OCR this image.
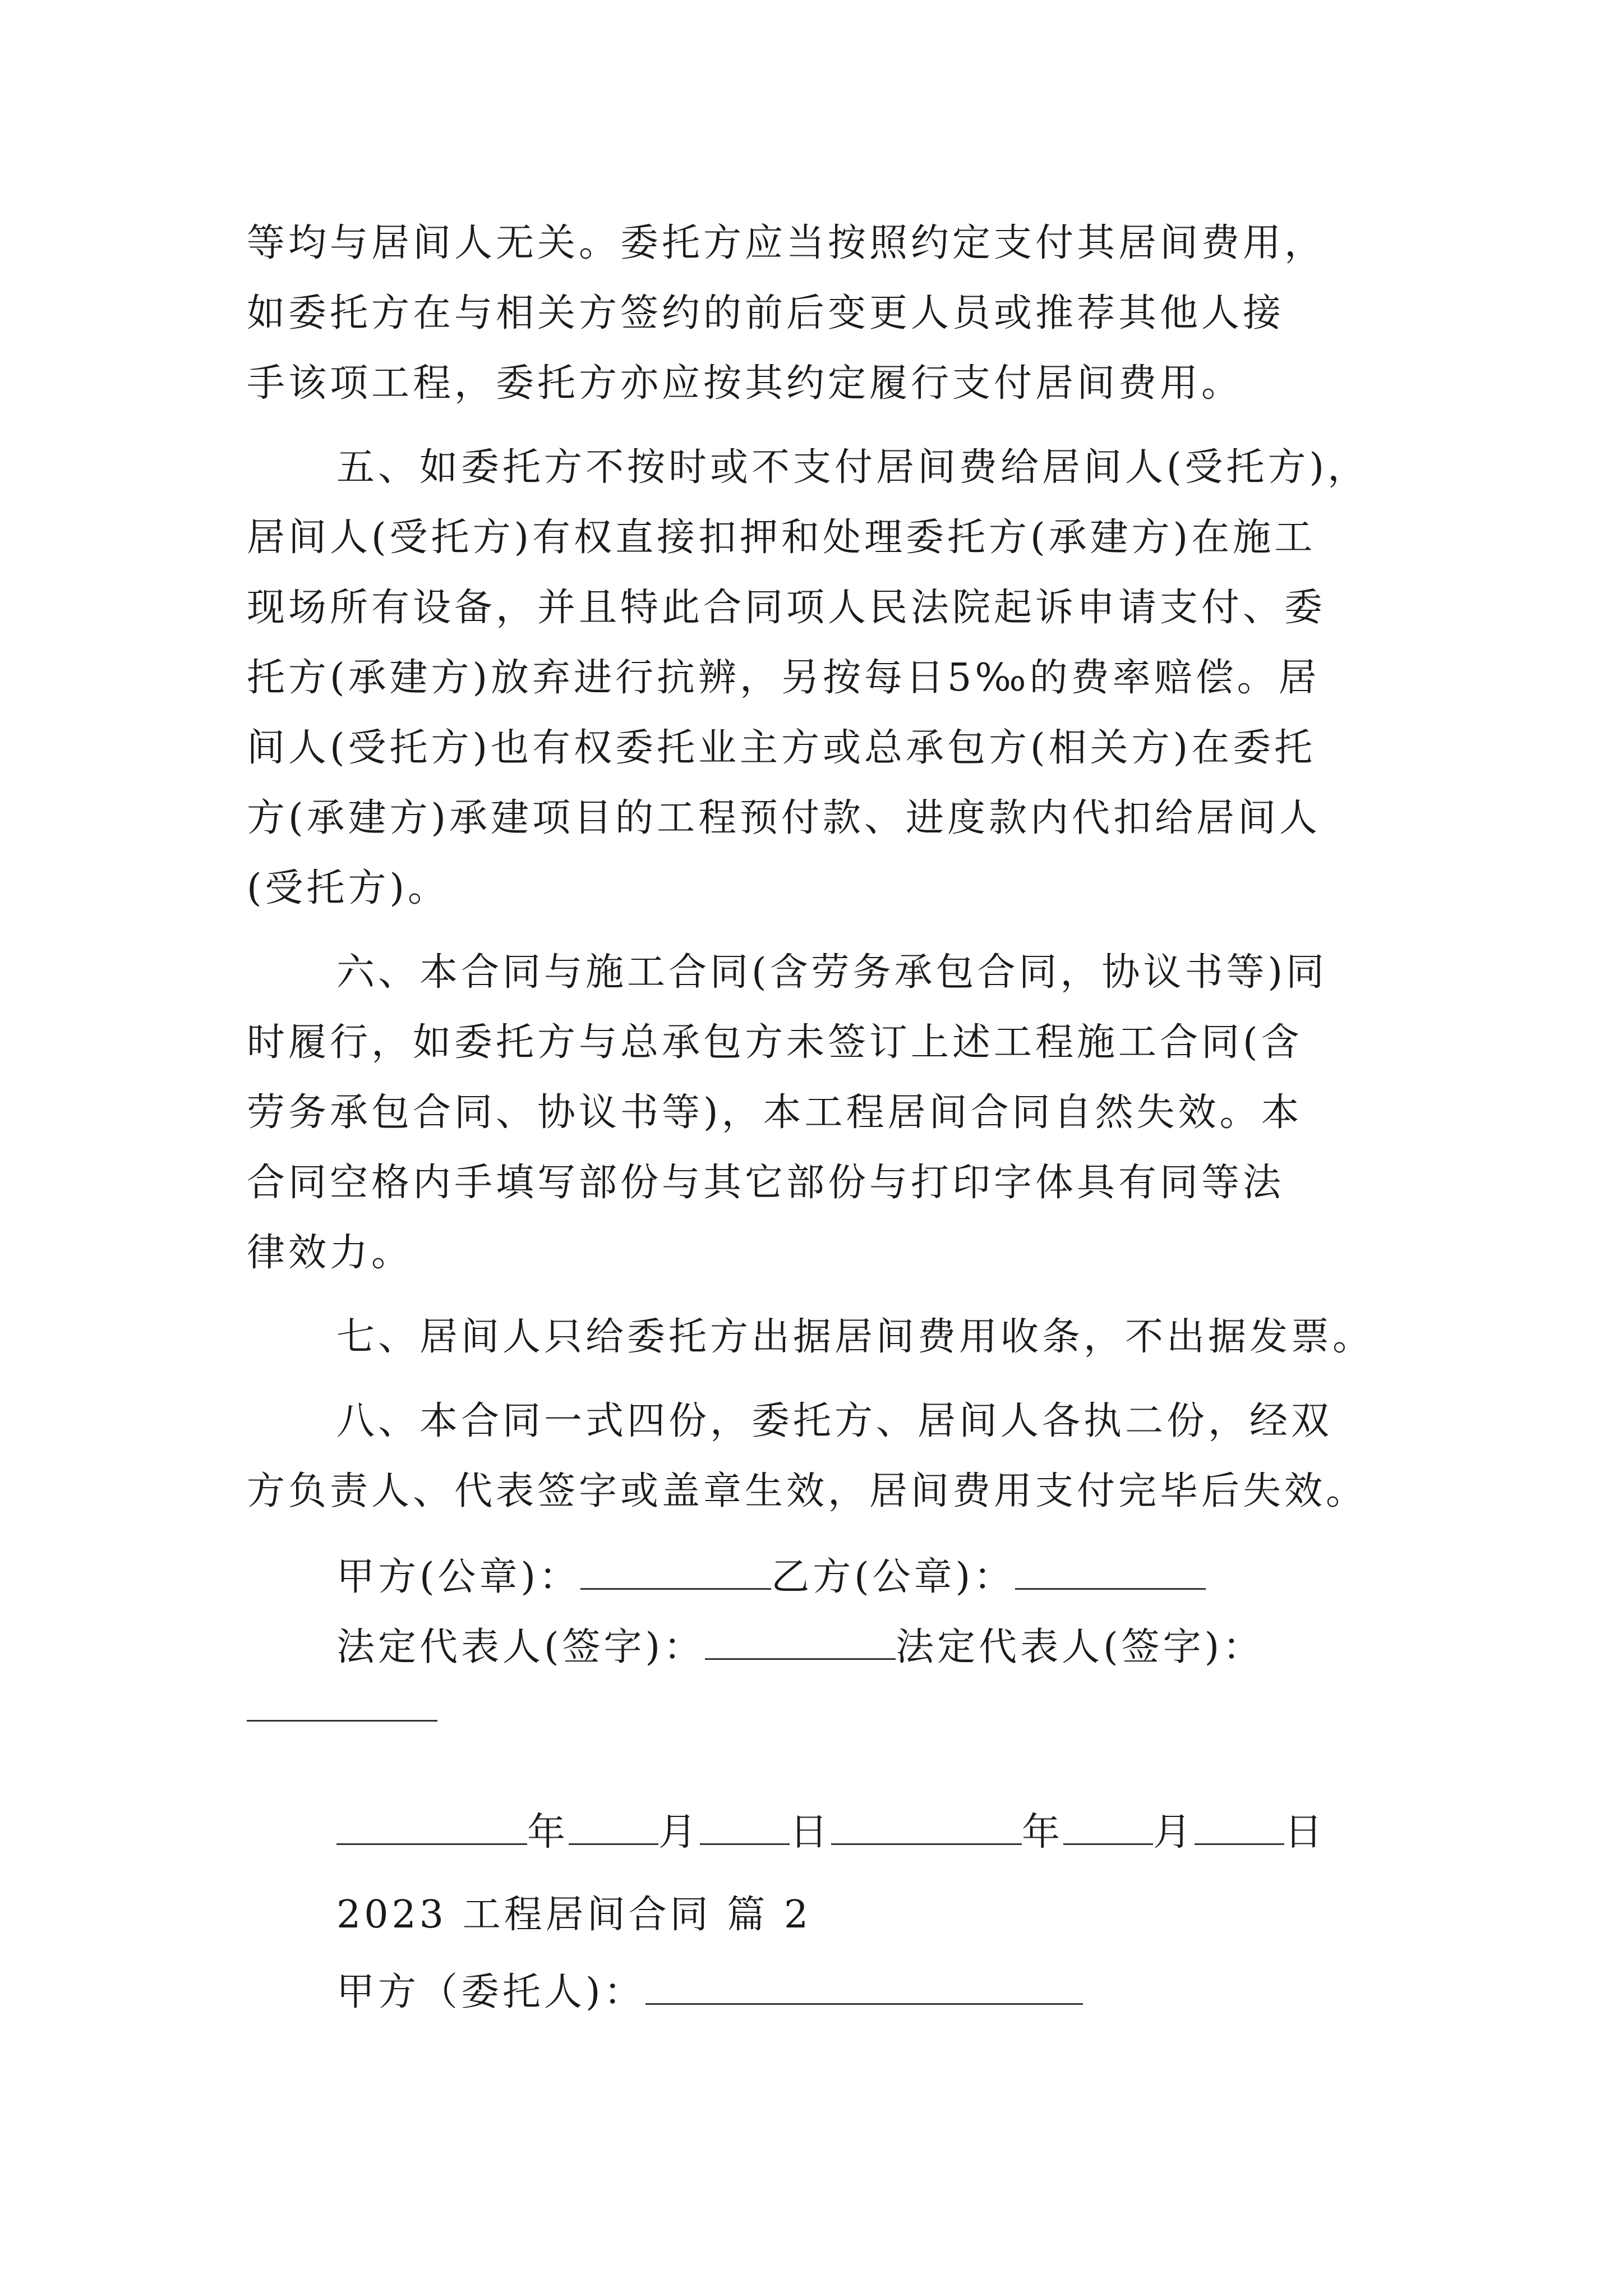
等均与居间人无关。委托方应当按照约定支付其居间费用，
如委托方在与相关方签约的前后变更人员或推荐其他人接
手该项工程，委托方亦应按其约定履行支付居间费用。
五、如委托方不按时或不支付居间费给居间人(受托方)，
居间人(受托方)有权直接扣押和处理委托方(承建方)在施工
现场所有设备，并且特此合同项人民法院起诉申请支付、委
托方(承建方)放弃进行抗辨，另按每日5‰的费率赔偿。居
间人(受托方)也有权委托业主方或总承包方(相关方)在委托
方(承建方)承建项目的工程预付款、进度款内代扣给居间人
(受托方)。
六、本合同与施工合同(含劳务承包合同，协议书等)同
时履行，如委托方与总承包方未签订上述工程施工合同(含
劳务承包合同、协议书等)，本工程居间合同自然失效。本
合同空格内手填写部份与其它部份与打印字体具有同等法
律效力。
七、居间人只给委托方出据居间费用收条，不出据发票。
八、本合同一式四份，委托方、居间人各执二份，经双
方负责人、代表签字或盖章生效，居间费用支付完毕后失效。
甲方(公章)：	乙方(公章)：
法定代表人(签字)：	法定代表人(签字)：
年 月 日	年 月 日
2023 工程居间合同 篇 2
甲方（委托人)：
